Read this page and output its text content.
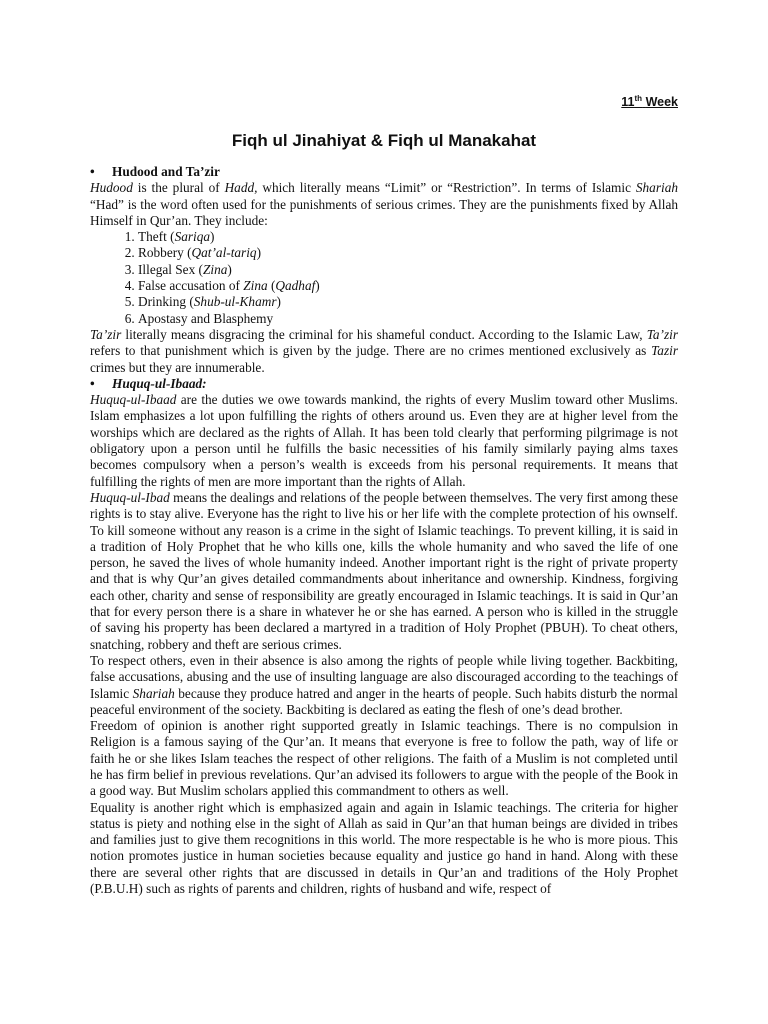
11th Week
Fiqh ul Jinahiyat & Fiqh ul Manakahat

• Hudood and Ta’zir

Hudood is the plural of Hadd, which literally means “Limit” or “Restriction”. In terms of Islamic Shariah “Had” is the word often used for the punishments of serious crimes. They are the punishments fixed by Allah Himself in Qur’an. They include:

1. Theft (Sariqa)
2. Robbery (Qat’al-tariq)
3. Illegal Sex (Zina)
4. False accusation of Zina (Qadhaf)
5. Drinking (Shub-ul-Khamr)
6. Apostasy and Blasphemy

Ta’zir literally means disgracing the criminal for his shameful conduct. According to the Islamic Law, Ta’zir refers to that punishment which is given by the judge. There are no crimes mentioned exclusively as Tazir crimes but they are innumerable.

• Huquq-ul-Ibaad:

Huquq-ul-Ibaad are the duties we owe towards mankind, the rights of every Muslim toward other Muslims. Islam emphasizes a lot upon fulfilling the rights of others around us. Even they are at higher level from the worships which are declared as the rights of Allah. It has been told clearly that performing pilgrimage is not obligatory upon a person until he fulfills the basic necessities of his family similarly paying alms taxes becomes compulsory when a person’s wealth is exceeds from his personal requirements. It means that fulfilling the rights of men are more important than the rights of Allah.

Huquq-ul-Ibad means the dealings and relations of the people between themselves. The very first among these rights is to stay alive. Everyone has the right to live his or her life with the complete protection of his ownself. To kill someone without any reason is a crime in the sight of Islamic teachings. To prevent killing, it is said in a tradition of Holy Prophet that he who kills one, kills the whole humanity and who saved the life of one person, he saved the lives of whole humanity indeed. Another important right is the right of private property and that is why Qur’an gives detailed commandments about inheritance and ownership. Kindness, forgiving each other, charity and sense of responsibility are greatly encouraged in Islamic teachings. It is said in Qur’an that for every person there is a share in whatever he or she has earned. A person who is killed in the struggle of saving his property has been declared a martyred in a tradition of Holy Prophet (PBUH). To cheat others, snatching, robbery and theft are serious crimes.

To respect others, even in their absence is also among the rights of people while living together. Backbiting, false accusations, abusing and the use of insulting language are also discouraged according to the teachings of Islamic Shariah because they produce hatred and anger in the hearts of people. Such habits disturb the normal peaceful environment of the society. Backbiting is declared as eating the flesh of one’s dead brother.

Freedom of opinion is another right supported greatly in Islamic teachings. There is no compulsion in Religion is a famous saying of the Qur’an. It means that everyone is free to follow the path, way of life or faith he or she likes Islam teaches the respect of other religions. The faith of a Muslim is not completed until he has firm belief in previous revelations. Qur’an advised its followers to argue with the people of the Book in a good way. But Muslim scholars applied this commandment to others as well.

Equality is another right which is emphasized again and again in Islamic teachings. The criteria for higher status is piety and nothing else in the sight of Allah as said in Qur’an that human beings are divided in tribes and families just to give them recognitions in this world. The more respectable is he who is more pious. This notion promotes justice in human societies because equality and justice go hand in hand. Along with these there are several other rights that are discussed in details in Qur’an and traditions of the Holy Prophet (P.B.U.H) such as rights of parents and children, rights of husband and wife, respect of
